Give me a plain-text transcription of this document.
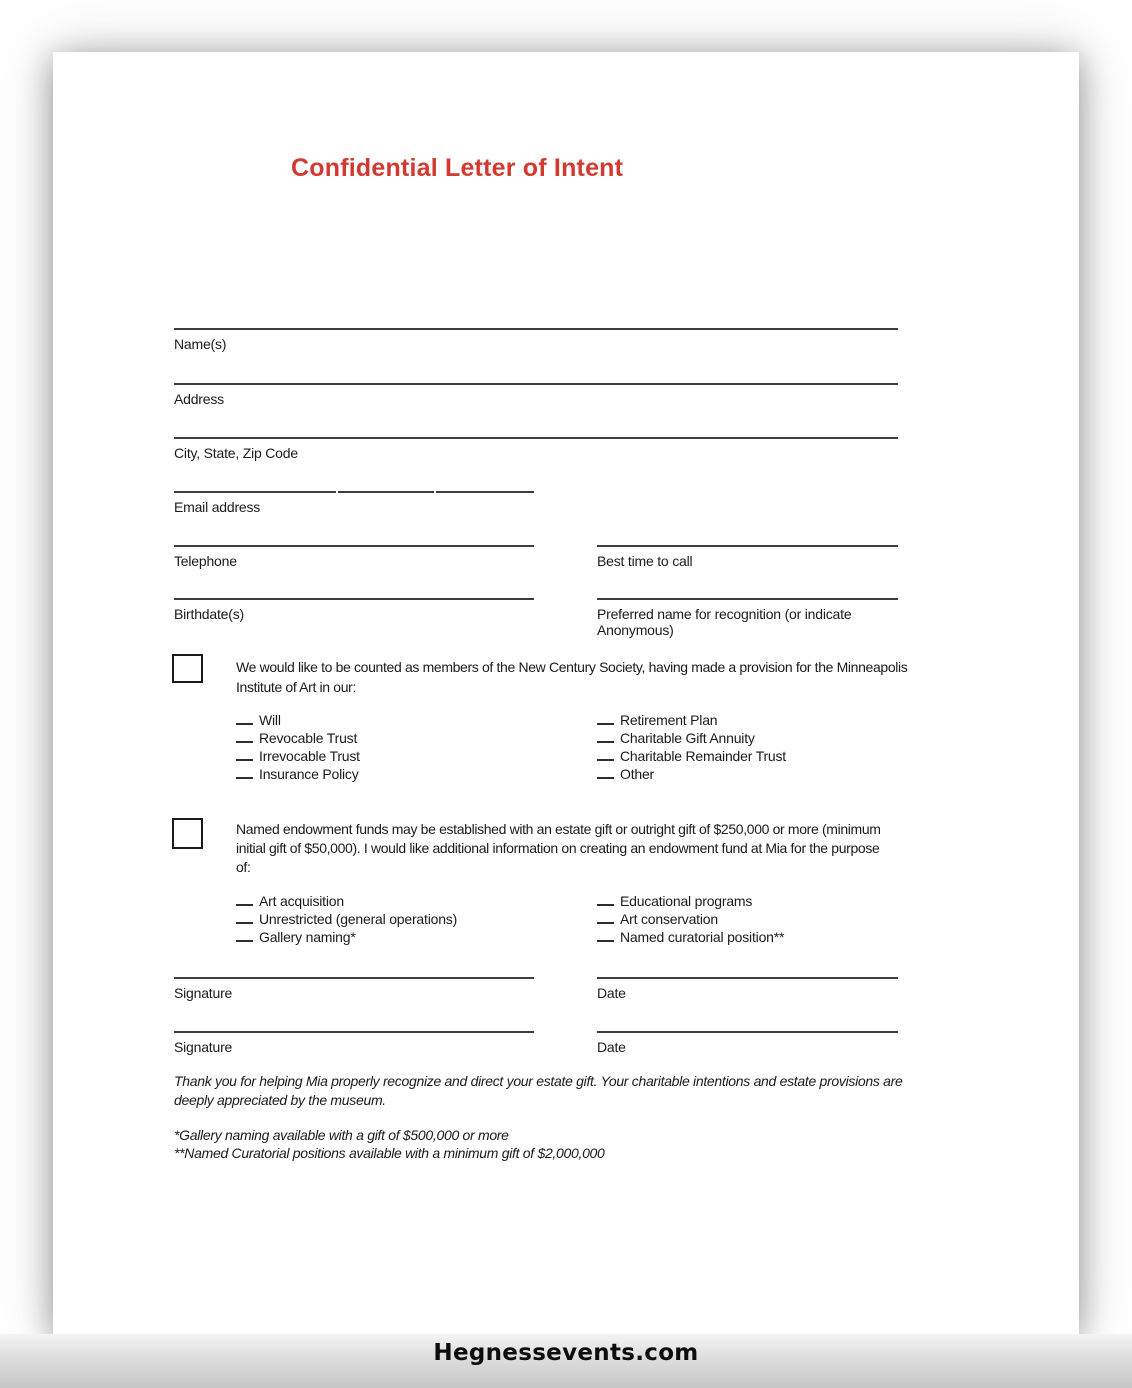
Confidential Letter of Intent
Name(s)
Address
City, State, Zip Code
Email address
Telephone	Best time to call
Birthdate(s)	Preferred name for recognition (or indicate Anonymous)
We would like to be counted as members of the New Century Society, having made a provision for the Minneapolis
Institute of Art in our:
Will
Revocable Trust
Irrevocable Trust
Insurance Policy
Retirement Plan
Charitable Gift Annuity
Charitable Remainder Trust
Other
Named endowment funds may be established with an estate gift or outright gift of $250,000 or more (minimum
initial gift of $50,000). I would like additional information on creating an endowment fund at Mia for the purpose
of:
Art acquisition
Unrestricted (general operations)
Gallery naming*
Educational programs
Art conservation
Named curatorial position**
Signature	Date
Signature	Date
Thank you for helping Mia properly recognize and direct your estate gift. Your charitable intentions and estate provisions are
deeply appreciated by the museum.
*Gallery naming available with a gift of $500,000 or more
**Named Curatorial positions available with a minimum gift of $2,000,000
Hegnessevents.com
